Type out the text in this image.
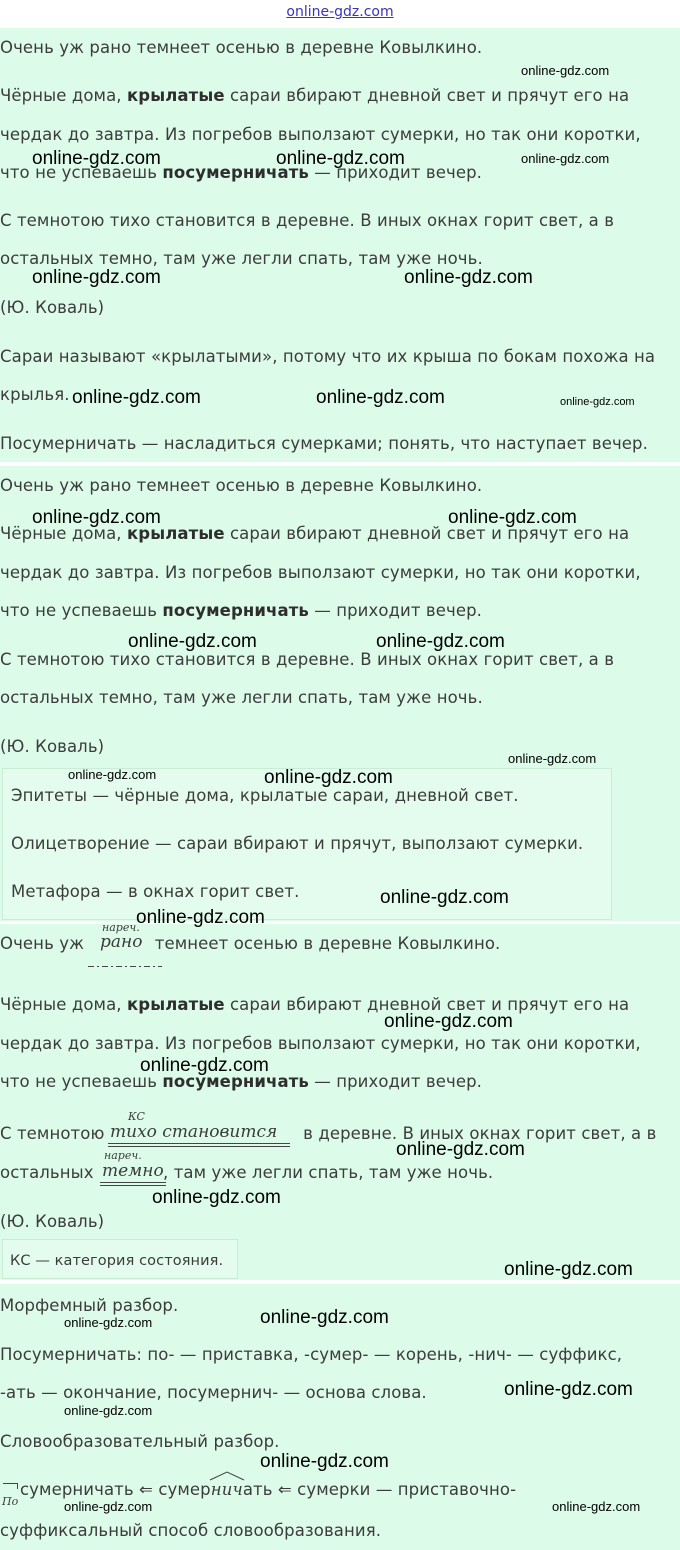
online-gdz.com
Очень уж рано темнеет осенью в деревне Ковылкино.
Чёрные дома, крылатые сараи вбирают дневной свет и прячут его на
чердак до завтра. Из погребов выползают сумерки, но так они коротки,
что не успеваешь посумерничать — приходит вечер.
С темнотою тихо становится в деревне. В иных окнах горит свет, а в
остальных темно, там уже легли спать, там уже ночь.
(Ю. Коваль)
Сараи называют «крылатыми», потому что их крыша по бокам похожа на
крылья.
Посумерничать — насладиться сумерками; понять, что наступает вечер.
Очень уж рано темнеет осенью в деревне Ковылкино.
Чёрные дома, крылатые сараи вбирают дневной свет и прячут его на
чердак до завтра. Из погребов выползают сумерки, но так они коротки,
что не успеваешь посумерничать — приходит вечер.
С темнотою тихо становится в деревне. В иных окнах горит свет, а в
остальных темно, там уже легли спать, там уже ночь.
(Ю. Коваль)
Эпитеты — чёрные дома, крылатые сараи, дневной свет.
Олицетворение — сараи вбирают и прячут, выползают сумерки.
Метафора — в окнах горит свет.
нареч.
Очень уж	темнеет осенью в деревне Ковылкино.
рано
Чёрные дома, крылатые сараи вбирают дневной свет и прячут его на
чердак до завтра. Из погребов выползают сумерки, но так они коротки,
что не успеваешь посумерничать — приходит вечер.
КС
С темнотою	в деревне. В иных окнах горит свет, а в
тихо становится
нареч.
остальных	, там уже легли спать, там уже ночь.
темно
(Ю. Коваль)
КС — категория состояния.
Морфемный разбор.
Посумерничать: по- — приставка, -сумер- — корень, -нич- — суффикс,
-ать — окончание, посумернич- — основа слова.
Словообразовательный разбор.
сумерничать ⇐ сумернич
ать ⇐ сумерки — приставочно-
По
суффиксальный способ словообразования.
online-gdz.com
online-gdz.com	online-gdz.com	online-gdz.com
online-gdz.com	online-gdz.com
online-gdz.com	online-gdz.com	online-gdz.com
online-gdz.com	online-gdz.com
online-gdz.com	online-gdz.com
online-gdz.com
online-gdz.com	online-gdz.com
online-gdz.com
online-gdz.com
online-gdz.com
online-gdz.com
online-gdz.com
online-gdz.com
online-gdz.com
online-gdz.com
online-gdz.com
online-gdz.com
online-gdz.com
online-gdz.com
online-gdz.com	online-gdz.com
